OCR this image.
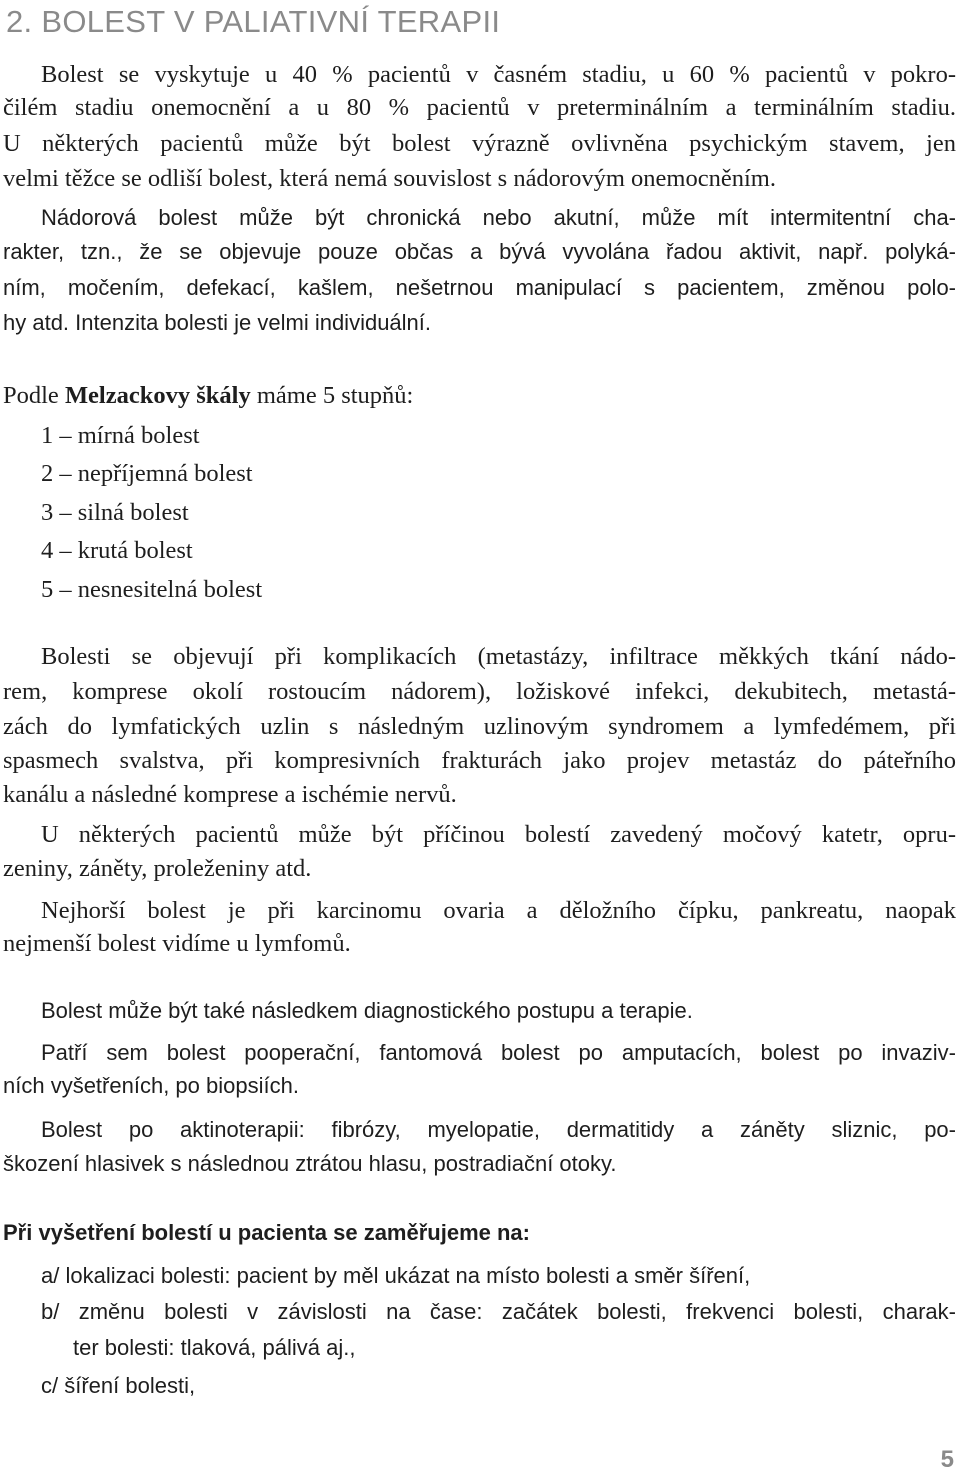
2. BOLEST V PALIATIVNÍ TERAPII
Bolest se vyskytuje u 40 % pacientů v časném stadiu, u 60 % pacientů v pokro-
čilém stadiu onemocnění a u 80 % pacientů v preterminálním a terminálním stadiu.
U některých pacientů může být bolest výrazně ovlivněna psychickým stavem, jen
velmi těžce se odliší bolest, která nemá souvislost s nádorovým onemocněním.
Nádorová bolest může být chronická nebo akutní, může mít intermitentní cha-
rakter, tzn., že se objevuje pouze občas a bývá vyvolána řadou aktivit, např. polyká-
ním, močením, defekací, kašlem, nešetrnou manipulací s pacientem, změnou polo-
hy atd. Intenzita bolesti je velmi individuální.
Podle Melzackovy škály máme 5 stupňů:
1 – mírná bolest
2 – nepříjemná bolest
3 – silná bolest
4 – krutá bolest
5 – nesnesitelná bolest
Bolesti se objevují při komplikacích (metastázy, infiltrace měkkých tkání nádo-
rem, komprese okolí rostoucím nádorem), ložiskové infekci, dekubitech, metastá-
zách do lymfatických uzlin s následným uzlinovým syndromem a lymfedémem, při
spasmech svalstva, při kompresivních frakturách jako projev metastáz do páteřního
kanálu a následné komprese a ischémie nervů.
U některých pacientů může být příčinou bolestí zavedený močový katetr, opru-
zeniny, záněty, proleženiny atd.
Nejhorší bolest je při karcinomu ovaria a děložního čípku, pankreatu, naopak
nejmenší bolest vidíme u lymfomů.
Bolest může být také následkem diagnostického postupu a terapie.
Patří sem bolest pooperační, fantomová bolest po amputacích, bolest po invaziv-
ních vyšetřeních, po biopsiích.
Bolest po aktinoterapii: fibrózy, myelopatie, dermatitidy a záněty sliznic, po-
škození hlasivek s následnou ztrátou hlasu, postradiační otoky.
Při vyšetření bolestí u pacienta se zaměřujeme na:
a/ lokalizaci bolesti: pacient by měl ukázat na místo bolesti a směr šíření,
b/ změnu bolesti v závislosti na čase: začátek bolesti, frekvenci bolesti, charak-
ter bolesti: tlaková, pálivá aj.,
c/ šíření bolesti,
5
